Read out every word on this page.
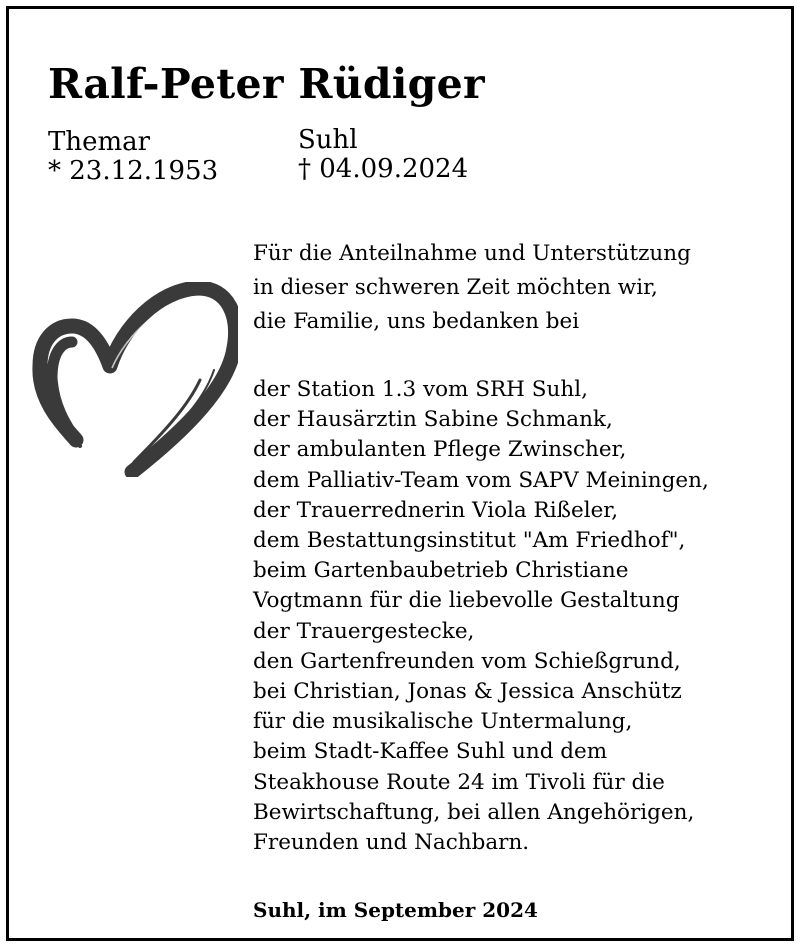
Ralf-Peter Rüdiger
Themar
* 23.12.1953
Suhl
† 04.09.2024
Für die Anteilnahme und Unterstützung
in dieser schweren Zeit möchten wir,
die Familie, uns bedanken bei
der Station 1.3 vom SRH Suhl,
der Hausärztin Sabine Schmank,
der ambulanten Pflege Zwinscher,
dem Palliativ-Team vom SAPV Meiningen,
der Trauerrednerin Viola Rißeler,
dem Bestattungsinstitut "Am Friedhof",
beim Gartenbaubetrieb Christiane
Vogtmann für die liebevolle Gestaltung
der Trauergestecke,
den Gartenfreunden vom Schießgrund,
bei Christian, Jonas & Jessica Anschütz
für die musikalische Untermalung,
beim Stadt-Kaffee Suhl und dem
Steakhouse Route 24 im Tivoli für die
Bewirtschaftung, bei allen Angehörigen,
Freunden und Nachbarn.
Suhl, im September 2024
